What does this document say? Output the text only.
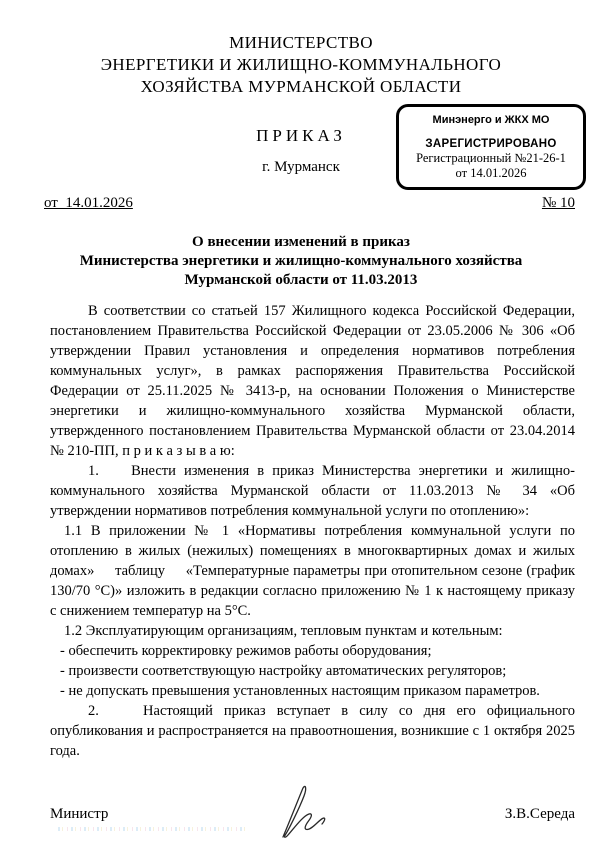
МИНИСТЕРСТВО
ЭНЕРГЕТИКИ И ЖИЛИЩНО-КОММУНАЛЬНОГО
ХОЗЯЙСТВА МУРМАНСКОЙ ОБЛАСТИ
ПРИКАЗ
г. Мурманск
Минэнерго и ЖКХ МО
ЗАРЕГИСТРИРОВАНО
Регистрационный №21-26-1
от 14.01.2026
от  14.01.2026	№ 10
О внесении изменений в приказ
Министерства энергетики и жилищно-коммунального хозяйства
Мурманской области от 11.03.2013

В соответствии со статьей 157 Жилищного кодекса Российской Федерации, постановлением Правительства Российской Федерации от 23.05.2006 № 306 «Об утверждении Правил установления и определения нормативов потребления коммунальных услуг», в рамках распоряжения Правительства Российской Федерации от 25.11.2025 № 3413-р, на основании Положения о Министерстве энергетики и жилищно-коммунального хозяйства Мурманской области, утвержденного постановлением Правительства Мурманской области от 23.04.2014 № 210-ПП, п р и к а з ы в а ю:

1.    Внести изменения в приказ Министерства энергетики и жилищно-коммунального хозяйства Мурманской области от 11.03.2013 № 34 «Об утверждении нормативов потребления коммунальной услуги по отоплению»:

1.1 В приложении № 1 «Нормативы потребления коммунальной услуги по отоплению в жилых (нежилых) помещениях в многоквартирных домах и жилых домах»     таблицу     «Температурные параметры при отопительном сезоне (график 130/70 °С)» изложить в редакции согласно приложению № 1 к настоящему приказу с снижением температур на 5°С.

1.2 Эксплуатирующим организациям, тепловым пунктам и котельным:

- обеспечить корректировку режимов работы оборудования;

- произвести соответствующую настройку автоматических регуляторов;

- не допускать превышения установленных настоящим приказом параметров.

2.    Настоящий приказ вступает в силу со дня его официального опубликования и распространяется на правоотношения, возникшие с 1 октября 2025 года.

Министр	З.В.Середа
